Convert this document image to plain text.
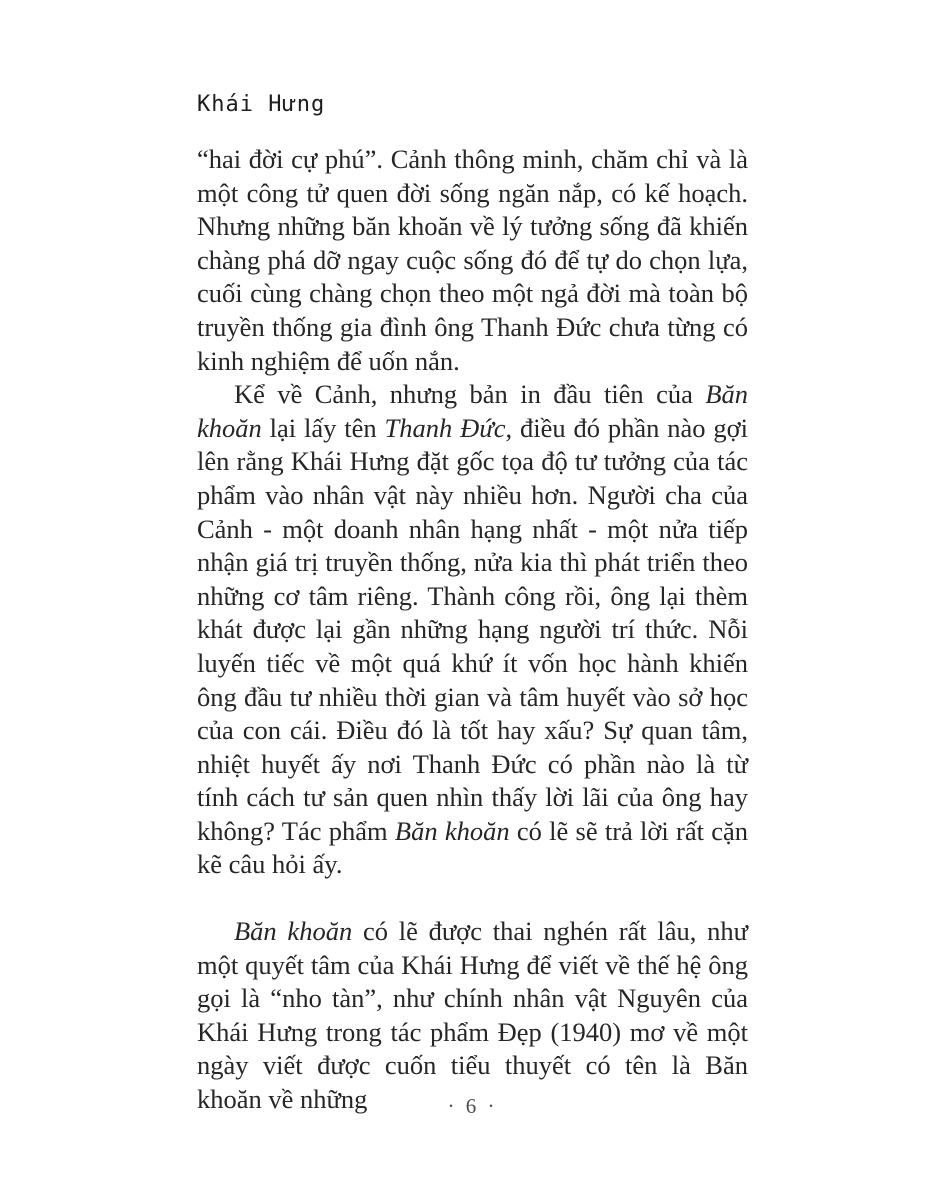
Khái Hưng

“hai đời cự phú”. Cảnh thông minh, chăm chỉ và là một công tử quen đời sống ngăn nắp, có kế hoạch. Nhưng những băn khoăn về lý tưởng sống đã khiến chàng phá dỡ ngay cuộc sống đó để tự do chọn lựa, cuối cùng chàng chọn theo một ngả đời mà toàn bộ truyền thống gia đình ông Thanh Đức chưa từng có kinh nghiệm để uốn nắn.

Kể về Cảnh, nhưng bản in đầu tiên của Băn khoăn lại lấy tên Thanh Đức, điều đó phần nào gợi lên rằng Khái Hưng đặt gốc tọa độ tư tưởng của tác phẩm vào nhân vật này nhiều hơn. Người cha của Cảnh - một doanh nhân hạng nhất - một nửa tiếp nhận giá trị truyền thống, nửa kia thì phát triển theo những cơ tâm riêng. Thành công rồi, ông lại thèm khát được lại gần những hạng người trí thức. Nỗi luyến tiếc về một quá khứ ít vốn học hành khiến ông đầu tư nhiều thời gian và tâm huyết vào sở học của con cái. Điều đó là tốt hay xấu? Sự quan tâm, nhiệt huyết ấy nơi Thanh Đức có phần nào là từ tính cách tư sản quen nhìn thấy lời lãi của ông hay không? Tác phẩm Băn khoăn có lẽ sẽ trả lời rất cặn kẽ câu hỏi ấy.

Băn khoăn có lẽ được thai nghén rất lâu, như một quyết tâm của Khái Hưng để viết về thế hệ ông gọi là “nho tàn”, như chính nhân vật Nguyên của Khái Hưng trong tác phẩm Đẹp (1940) mơ về một ngày viết được cuốn tiểu thuyết có tên là Băn khoăn về những	· 6 ·
